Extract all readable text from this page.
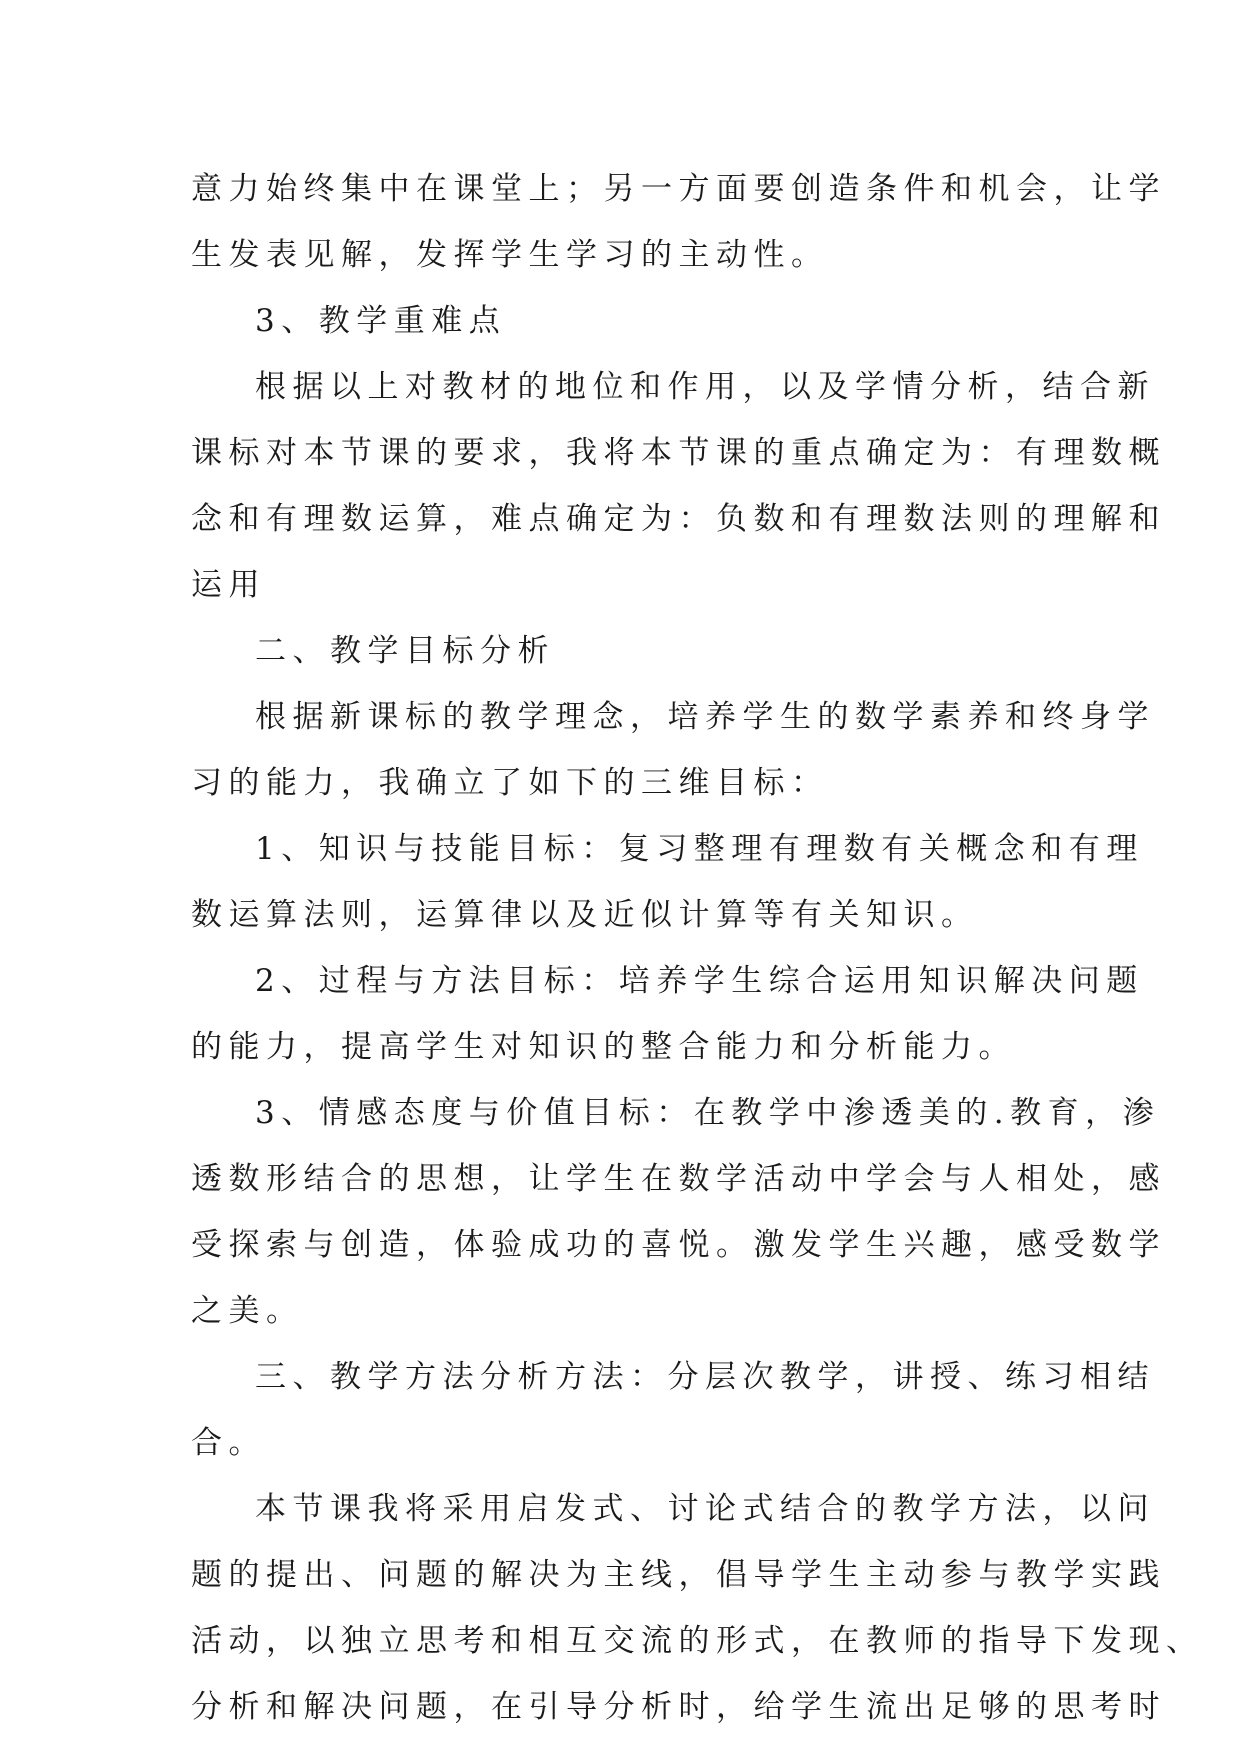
意力始终集中在课堂上；另一方面要创造条件和机会，让学
生发表见解，发挥学生学习的主动性。
3、教学重难点
根据以上对教材的地位和作用，以及学情分析，结合新
课标对本节课的要求，我将本节课的重点确定为：有理数概
念和有理数运算，难点确定为：负数和有理数法则的理解和
运用
二、教学目标分析
根据新课标的教学理念，培养学生的数学素养和终身学
习的能力，我确立了如下的三维目标：
1、知识与技能目标：复习整理有理数有关概念和有理
数运算法则，运算律以及近似计算等有关知识。
2、过程与方法目标：培养学生综合运用知识解决问题
的能力，提高学生对知识的整合能力和分析能力。
3、情感态度与价值目标：在教学中渗透美的.教育，渗
透数形结合的思想，让学生在数学活动中学会与人相处，感
受探索与创造，体验成功的喜悦。激发学生兴趣，感受数学
之美。
三、教学方法分析方法：分层次教学，讲授、练习相结
合。
本节课我将采用启发式、讨论式结合的教学方法，以问
题的提出、问题的解决为主线，倡导学生主动参与教学实践
活动，以独立思考和相互交流的形式，在教师的指导下发现、
分析和解决问题，在引导分析时，给学生流出足够的思考时
